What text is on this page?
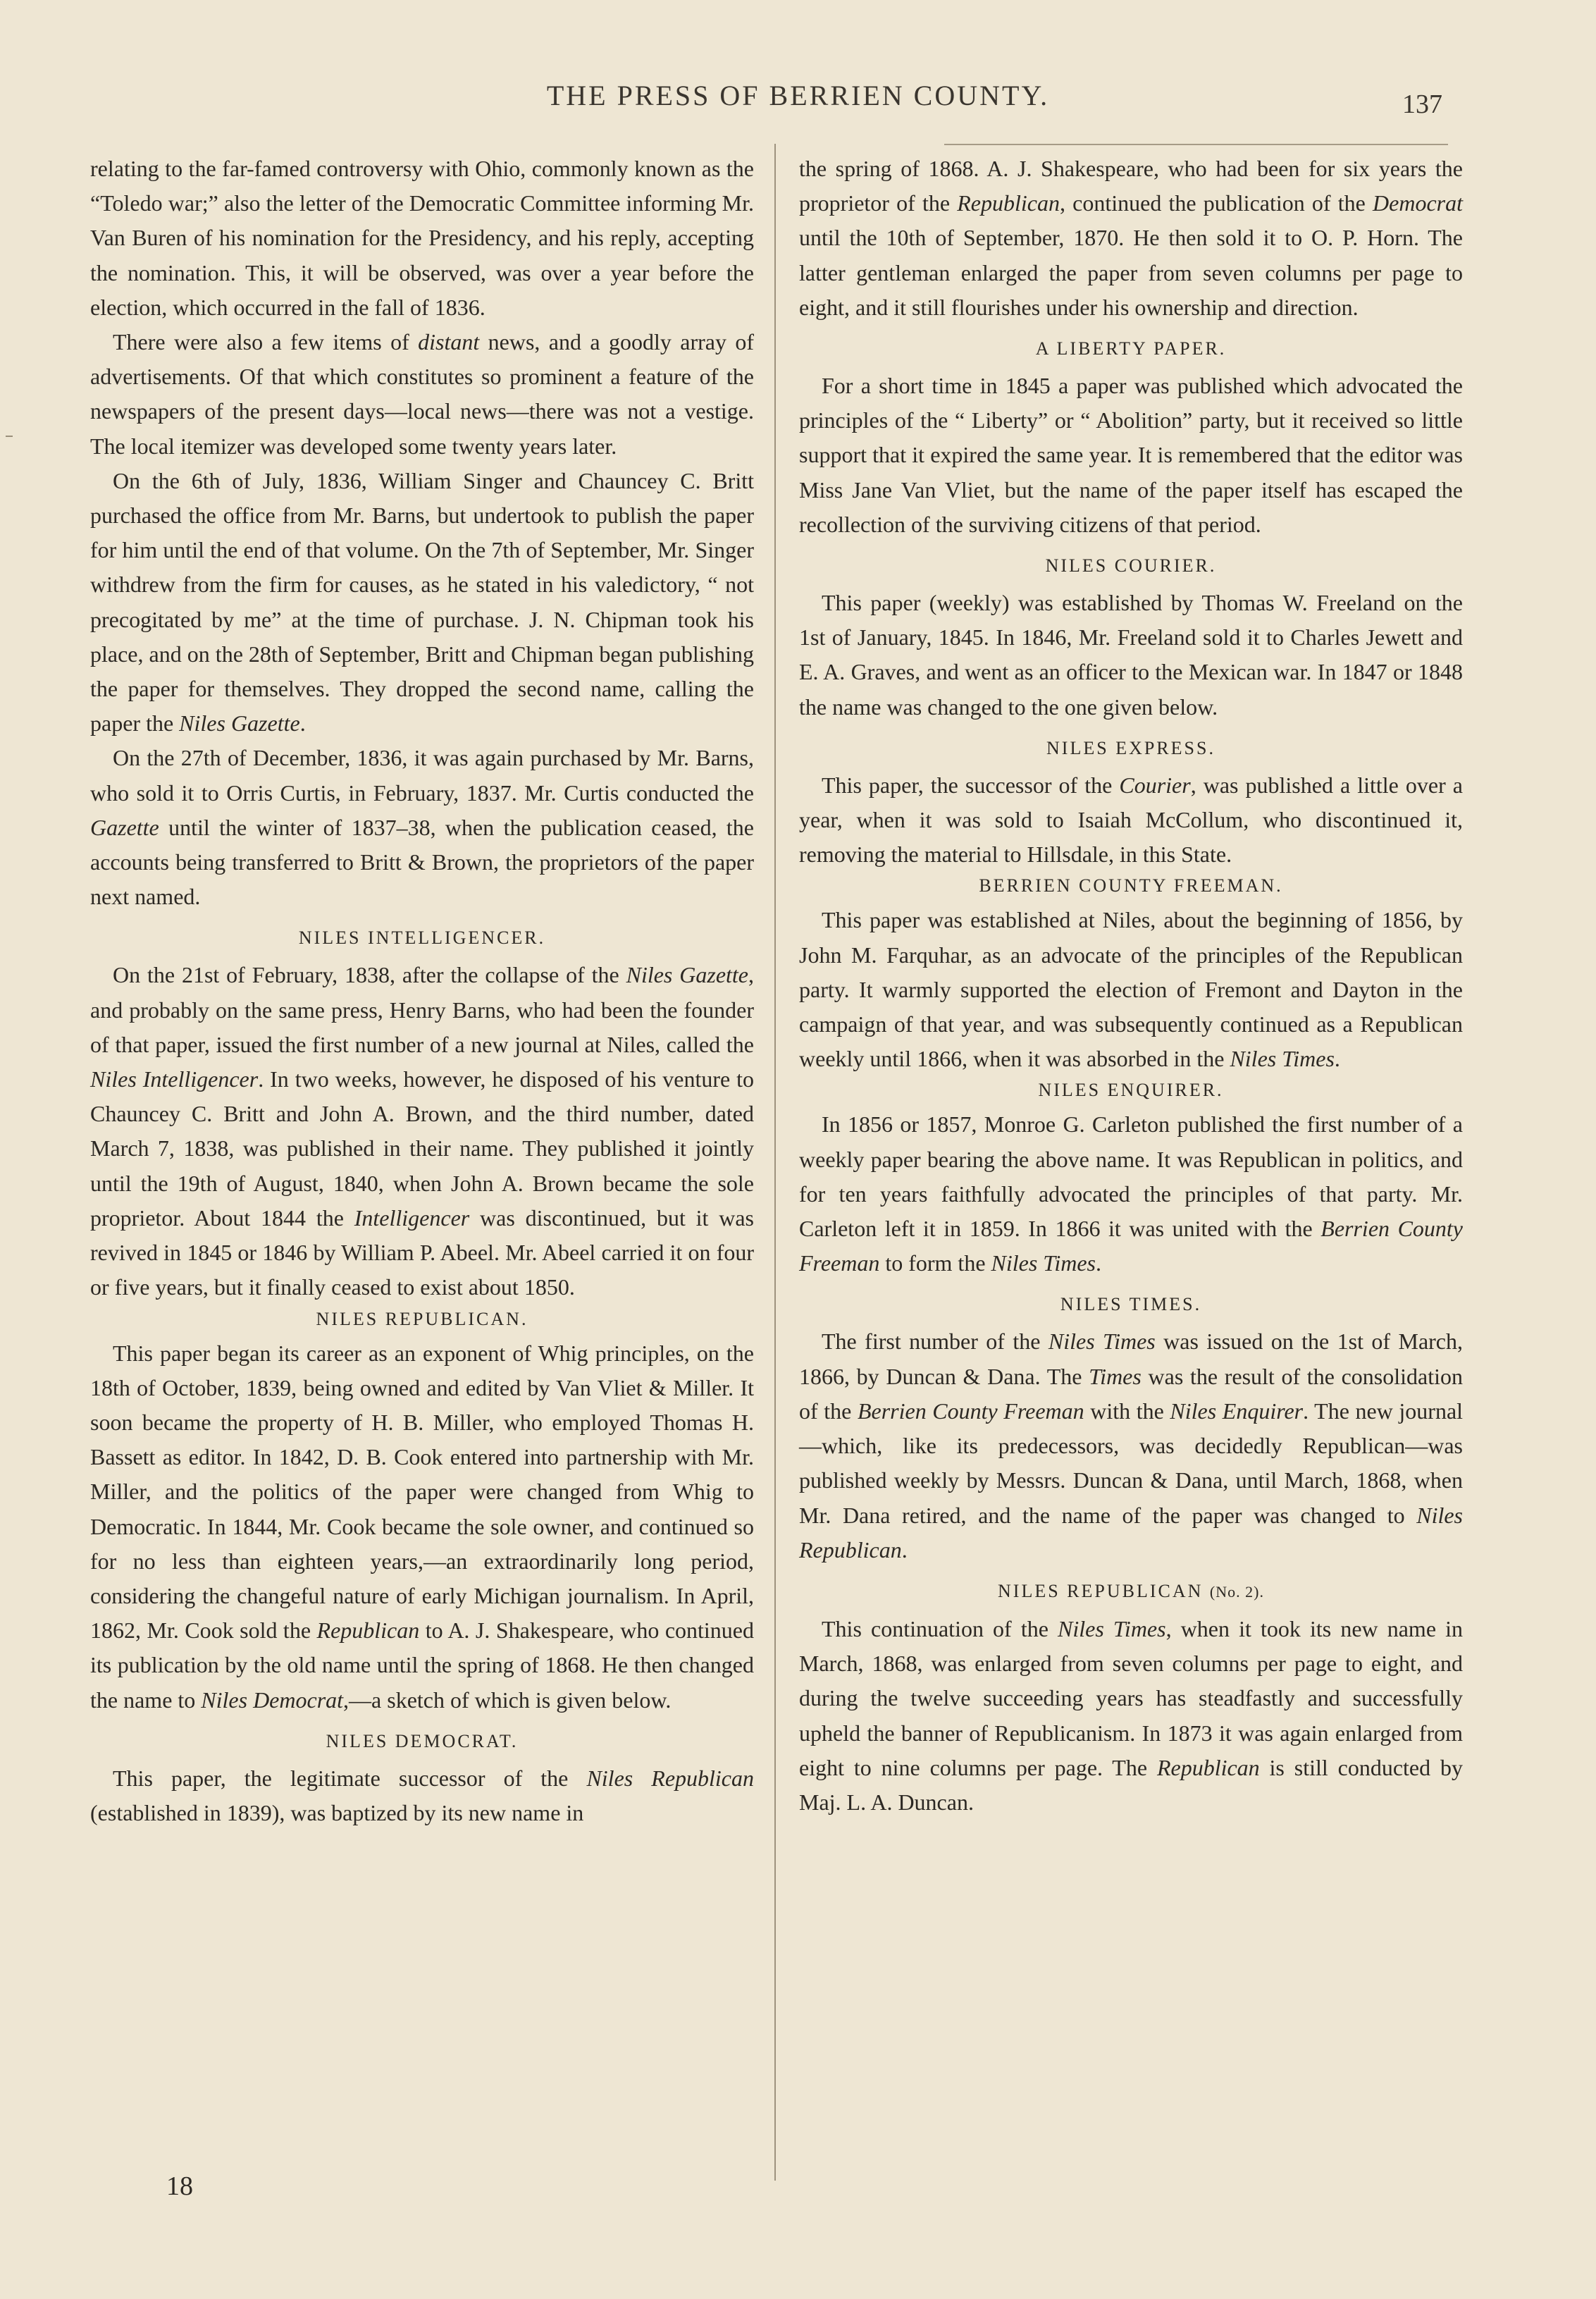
THE PRESS OF BERRIEN COUNTY.	137

relating to the far-famed controversy with Ohio, commonly known as the “Toledo war;” also the letter of the Democratic Committee informing Mr. Van Buren of his nomination for the Presidency, and his reply, accepting the nomination. This, it will be observed, was over a year before the election, which occurred in the fall of 1836.

There were also a few items of distant news, and a goodly array of advertisements. Of that which constitutes so prominent a feature of the newspapers of the present days—local news—there was not a vestige. The local itemizer was developed some twenty years later.

On the 6th of July, 1836, William Singer and Chauncey C. Britt purchased the office from Mr. Barns, but undertook to publish the paper for him until the end of that volume. On the 7th of September, Mr. Singer withdrew from the firm for causes, as he stated in his valedictory, “ not precogitated by me” at the time of purchase. J. N. Chipman took his place, and on the 28th of September, Britt and Chipman began publishing the paper for themselves. They dropped the second name, calling the paper the Niles Gazette.

On the 27th of December, 1836, it was again purchased by Mr. Barns, who sold it to Orris Curtis, in February, 1837. Mr. Curtis conducted the Gazette until the winter of 1837–38, when the publication ceased, the accounts being transferred to Britt & Brown, the proprietors of the paper next named.

NILES INTELLIGENCER.

On the 21st of February, 1838, after the collapse of the Niles Gazette, and probably on the same press, Henry Barns, who had been the founder of that paper, issued the first number of a new journal at Niles, called the Niles Intelligencer. In two weeks, however, he disposed of his venture to Chauncey C. Britt and John A. Brown, and the third number, dated March 7, 1838, was published in their name. They published it jointly until the 19th of August, 1840, when John A. Brown became the sole proprietor. About 1844 the Intelligencer was discontinued, but it was revived in 1845 or 1846 by William P. Abeel. Mr. Abeel carried it on four or five years, but it finally ceased to exist about 1850.

NILES REPUBLICAN.

This paper began its career as an exponent of Whig principles, on the 18th of October, 1839, being owned and edited by Van Vliet & Miller. It soon became the property of H. B. Miller, who employed Thomas H. Bassett as editor. In 1842, D. B. Cook entered into partnership with Mr. Miller, and the politics of the paper were changed from Whig to Democratic. In 1844, Mr. Cook became the sole owner, and continued so for no less than eighteen years,—an extraordinarily long period, considering the changeful nature of early Michigan journalism. In April, 1862, Mr. Cook sold the Republican to A. J. Shakespeare, who continued its publication by the old name until the spring of 1868. He then changed the name to Niles Democrat,—a sketch of which is given below.

NILES DEMOCRAT.

This paper, the legitimate successor of the Niles Republican (established in 1839), was baptized by its new name in

18

the spring of 1868. A. J. Shakespeare, who had been for six years the proprietor of the Republican, continued the publication of the Democrat until the 10th of September, 1870. He then sold it to O. P. Horn. The latter gentleman enlarged the paper from seven columns per page to eight, and it still flourishes under his ownership and direction.

A LIBERTY PAPER.

For a short time in 1845 a paper was published which advocated the principles of the “ Liberty” or “ Abolition” party, but it received so little support that it expired the same year. It is remembered that the editor was Miss Jane Van Vliet, but the name of the paper itself has escaped the recollection of the surviving citizens of that period.

NILES COURIER.

This paper (weekly) was established by Thomas W. Freeland on the 1st of January, 1845. In 1846, Mr. Freeland sold it to Charles Jewett and E. A. Graves, and went as an officer to the Mexican war. In 1847 or 1848 the name was changed to the one given below.

NILES EXPRESS.

This paper, the successor of the Courier, was published a little over a year, when it was sold to Isaiah McCollum, who discontinued it, removing the material to Hillsdale, in this State.

BERRIEN COUNTY FREEMAN.

This paper was established at Niles, about the beginning of 1856, by John M. Farquhar, as an advocate of the principles of the Republican party. It warmly supported the election of Fremont and Dayton in the campaign of that year, and was subsequently continued as a Republican weekly until 1866, when it was absorbed in the Niles Times.

NILES ENQUIRER.

In 1856 or 1857, Monroe G. Carleton published the first number of a weekly paper bearing the above name. It was Republican in politics, and for ten years faithfully advocated the principles of that party. Mr. Carleton left it in 1859. In 1866 it was united with the Berrien County Freeman to form the Niles Times.

NILES TIMES.

The first number of the Niles Times was issued on the 1st of March, 1866, by Duncan & Dana. The Times was the result of the consolidation of the Berrien County Freeman with the Niles Enquirer. The new journal—which, like its predecessors, was decidedly Republican—was published weekly by Messrs. Duncan & Dana, until March, 1868, when Mr. Dana retired, and the name of the paper was changed to Niles Republican.

NILES REPUBLICAN (No. 2).

This continuation of the Niles Times, when it took its new name in March, 1868, was enlarged from seven columns per page to eight, and during the twelve succeeding years has steadfastly and successfully upheld the banner of Republicanism. In 1873 it was again enlarged from eight to nine columns per page. The Republican is still conducted by Maj. L. A. Duncan.
